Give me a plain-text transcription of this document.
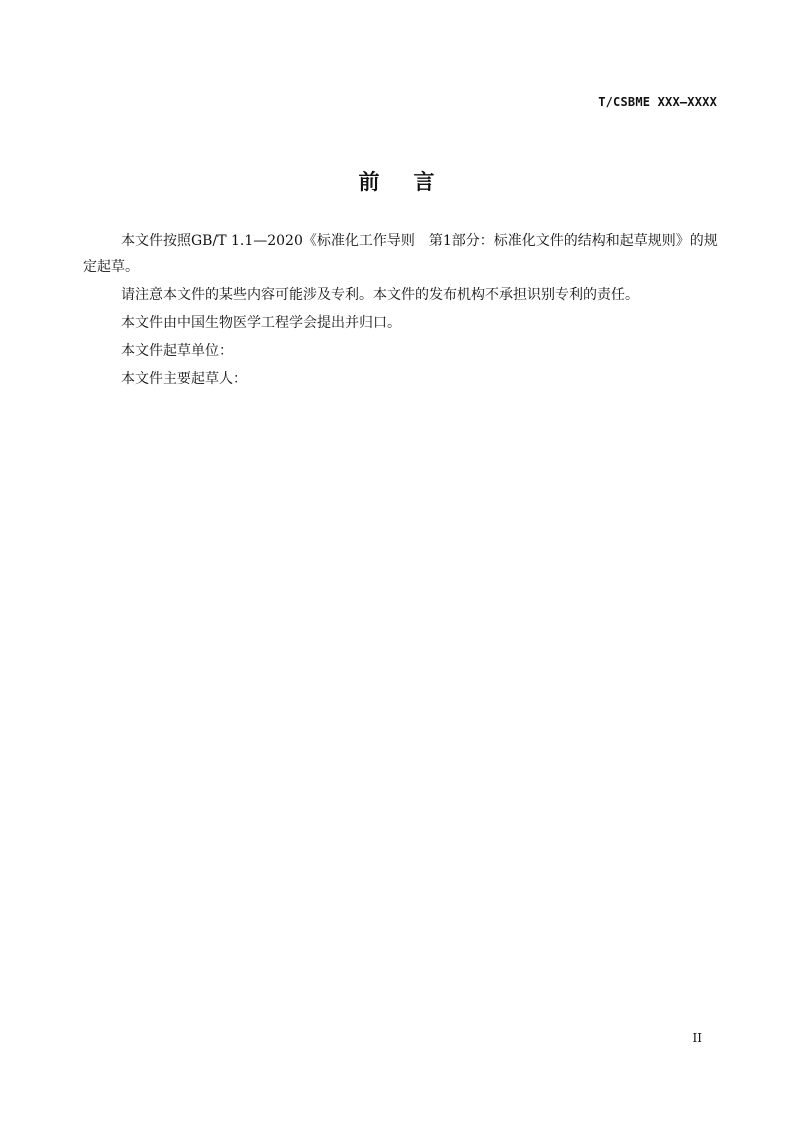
T/CSBME XXX—XXXX
前言

本文件按照GB/T 1.1—2020《标准化工作导则　第1部分：标准化文件的结构和起草规则》的规定起草。

请注意本文件的某些内容可能涉及专利。本文件的发布机构不承担识别专利的责任。

本文件由中国生物医学工程学会提出并归口。

本文件起草单位：

本文件主要起草人：

II
